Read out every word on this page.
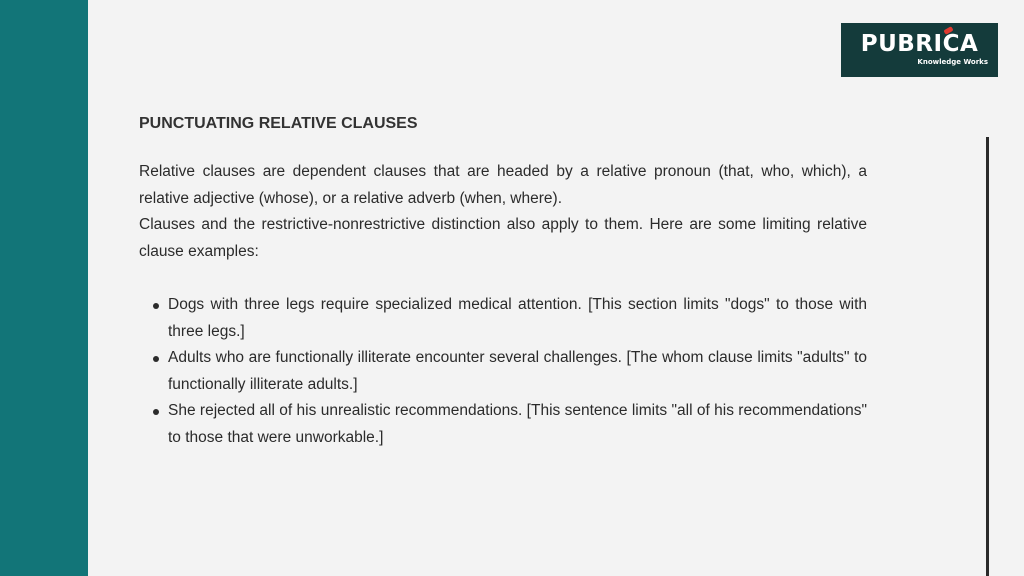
PUBRICA
Knowledge Works
PUNCTUATING RELATIVE CLAUSES

Relative clauses are dependent clauses that are headed by a relative pronoun (that, who, which), a relative adjective (whose), or a relative adverb (when, where).

Clauses and the restrictive-nonrestrictive distinction also apply to them. Here are some limiting relative clause examples:

Dogs with three legs require specialized medical attention. [This section limits "dogs" to those with three legs.]
Adults who are functionally illiterate encounter several challenges. [The whom clause limits "adults" to functionally illiterate adults.]
She rejected all of his unrealistic recommendations. [This sentence limits "all of his recommendations" to those that were unworkable.]
